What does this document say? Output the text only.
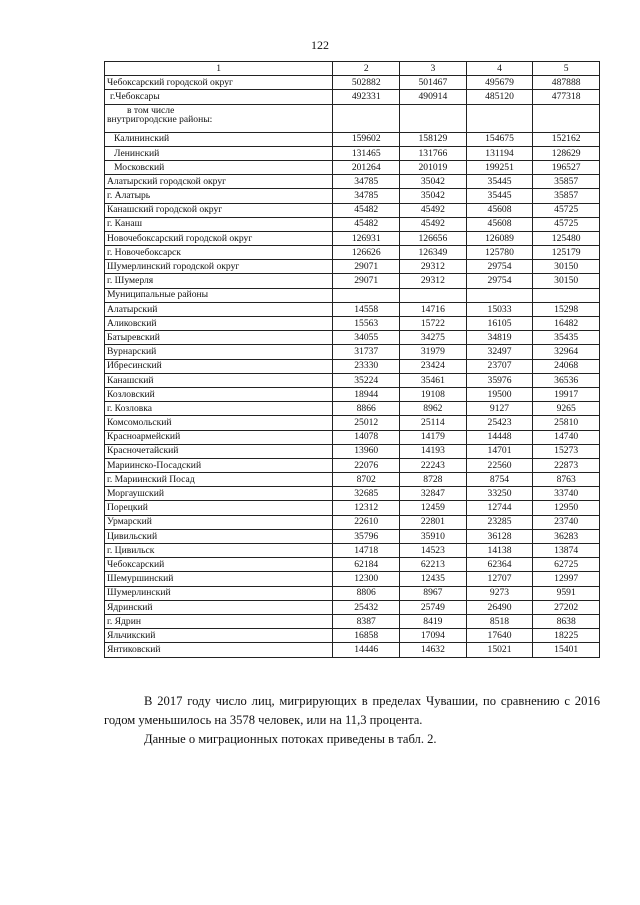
122
1	2	3	4	5
Чебоксарский городской округ	502882	501467	495679	487888
г.Чебоксары	492331	490914	485120	477318

в том числе
внутригородские районы:				
Калининский	159602	158129	154675	152162
Ленинский	131465	131766	131194	128629
Московский	201264	201019	199251	196527
Алатырский городской округ	34785	35042	35445	35857
г. Алатырь	34785	35042	35445	35857
Канашский городской округ	45482	45492	45608	45725
г. Канаш	45482	45492	45608	45725
Новочебоксарский городской округ	126931	126656	126089	125480
г. Новочебоксарск	126626	126349	125780	125179
Шумерлинский городской округ	29071	29312	29754	30150
г. Шумерля	29071	29312	29754	30150
Муниципальные районы				
Алатырский	14558	14716	15033	15298
Аликовский	15563	15722	16105	16482
Батыревский	34055	34275	34819	35435
Вурнарский	31737	31979	32497	32964
Ибресинский	23330	23424	23707	24068
Канашский	35224	35461	35976	36536
Козловский	18944	19108	19500	19917
г. Козловка	8866	8962	9127	9265
Комсомольский	25012	25114	25423	25810
Красноармейский	14078	14179	14448	14740
Красночетайский	13960	14193	14701	15273
Мариинско-Посадский	22076	22243	22560	22873
г. Мариинский Посад	8702	8728	8754	8763
Моргаушский	32685	32847	33250	33740
Порецкий	12312	12459	12744	12950
Урмарский	22610	22801	23285	23740
Цивильский	35796	35910	36128	36283
г. Цивильск	14718	14523	14138	13874
Чебоксарский	62184	62213	62364	62725
Шемуршинский	12300	12435	12707	12997
Шумерлинский	8806	8967	9273	9591
Ядринский	25432	25749	26490	27202
г. Ядрин	8387	8419	8518	8638
Яльчикский	16858	17094	17640	18225
Янтиковский	14446	14632	15021	15401

В 2017 году число лиц, мигрирующих в пределах Чувашии, по сравнению с 2016 годом уменьшилось на 3578 человек, или на 11,3 процента.

Данные о миграционных потоках приведены в табл. 2.
